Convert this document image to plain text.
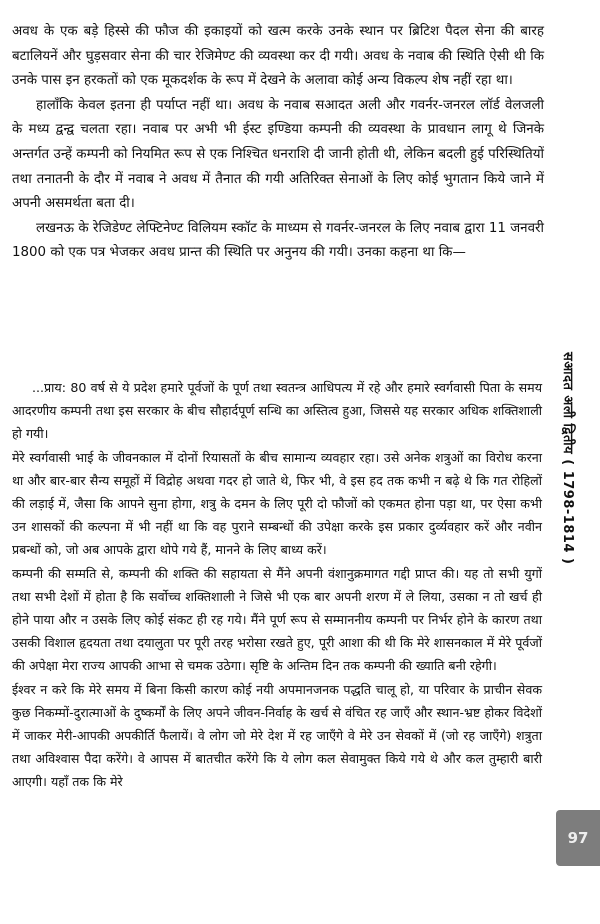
अवध के एक बड़े हिस्से की फौज की इकाइयों को खत्म करके उनके स्थान पर ब्रिटिश पैदल सेना की बारह बटालियनें और घुड़सवार सेना की चार रेजिमेण्ट की व्यवस्था कर दी गयी। अवध के नवाब की स्थिति ऐसी थी कि उनके पास इन हरकतों को एक मूकदर्शक के रूप में देखने के अलावा कोई अन्य विकल्प शेष नहीं रहा था।

हालाँकि केवल इतना ही पर्याप्त नहीं था। अवध के नवाब सआदत अली और गवर्नर-जनरल लॉर्ड वेलजली के मध्य द्वन्द्व चलता रहा। नवाब पर अभी भी ईस्ट इण्डिया कम्पनी की व्यवस्था के प्रावधान लागू थे जिनके अन्तर्गत उन्हें कम्पनी को नियमित रूप से एक निश्चित धनराशि दी जानी होती थी, लेकिन बदली हुई परिस्थितियों तथा तनातनी के दौर में नवाब ने अवध में तैनात की गयी अतिरिक्त सेनाओं के लिए कोई भुगतान किये जाने में अपनी असमर्थता बता दी।

लखनऊ के रेजिडेण्ट लेफ्टिनेण्ट विलियम स्कॉट के माध्यम से गवर्नर-जनरल के लिए नवाब द्वारा 11 जनवरी 1800 को एक पत्र भेजकर अवध प्रान्त की स्थिति पर अनुनय की गयी। उनका कहना था कि—

...प्राय: 80 वर्ष से ये प्रदेश हमारे पूर्वजों के पूर्ण तथा स्वतन्त्र आधिपत्य में रहे और हमारे स्वर्गवासी पिता के समय आदरणीय कम्पनी तथा इस सरकार के बीच सौहार्दपूर्ण सन्धि का अस्तित्व हुआ, जिससे यह सरकार अधिक शक्तिशाली हो गयी।

मेरे स्वर्गवासी भाई के जीवनकाल में दोनों रियासतों के बीच सामान्य व्यवहार रहा। उसे अनेक शत्रुओं का विरोध करना था और बार-बार सैन्य समूहों में विद्रोह अथवा गदर हो जाते थे, फिर भी, वे इस हद तक कभी न बढ़े थे कि गत रोहिलों की लड़ाई में, जैसा कि आपने सुना होगा, शत्रु के दमन के लिए पूरी दो फौजों को एकमत होना पड़ा था, पर ऐसा कभी उन शासकों की कल्पना में भी नहीं था कि वह पुराने सम्बन्धों की उपेक्षा करके इस प्रकार दुर्व्यवहार करें और नवीन प्रबन्धों को, जो अब आपके द्वारा थोपे गये हैं, मानने के लिए बाध्य करें।

कम्पनी की सम्मति से, कम्पनी की शक्ति की सहायता से मैंने अपनी वंशानुक्रमागत गद्दी प्राप्त की। यह तो सभी युगों तथा सभी देशों में होता है कि सर्वोच्च शक्तिशाली ने जिसे भी एक बार अपनी शरण में ले लिया, उसका न तो खर्च ही होने पाया और न उसके लिए कोई संकट ही रह गये। मैंने पूर्ण रूप से सम्माननीय कम्पनी पर निर्भर होने के कारण तथा उसकी विशाल हृदयता तथा दयालुता पर पूरी तरह भरोसा रखते हुए, पूरी आशा की थी कि मेरे शासनकाल में मेरे पूर्वजों की अपेक्षा मेरा राज्य आपकी आभा से चमक उठेगा। सृष्टि के अन्तिम दिन तक कम्पनी की ख्याति बनी रहेगी।

ईश्वर न करे कि मेरे समय में बिना किसी कारण कोई नयी अपमानजनक पद्धति चालू हो, या परिवार के प्राचीन सेवक कुछ निकम्मों-दुरात्माओं के दुष्कर्मों के लिए अपने जीवन-निर्वाह के खर्च से वंचित रह जाएँ और स्थान-भ्रष्ट होकर विदेशों में जाकर मेरी-आपकी अपकीर्ति फैलायें। वे लोग जो मेरे देश में रह जाएँगे वे मेरे उन सेवकों में (जो रह जाएँगे) शत्रुता तथा अविश्वास पैदा करेंगे। वे आपस में बातचीत करेंगे कि ये लोग कल सेवामुक्त किये गये थे और कल तुम्हारी बारी आएगी। यहाँ तक कि मेरे

सआदत अली द्वितीय ( 1798-1814 )
97
